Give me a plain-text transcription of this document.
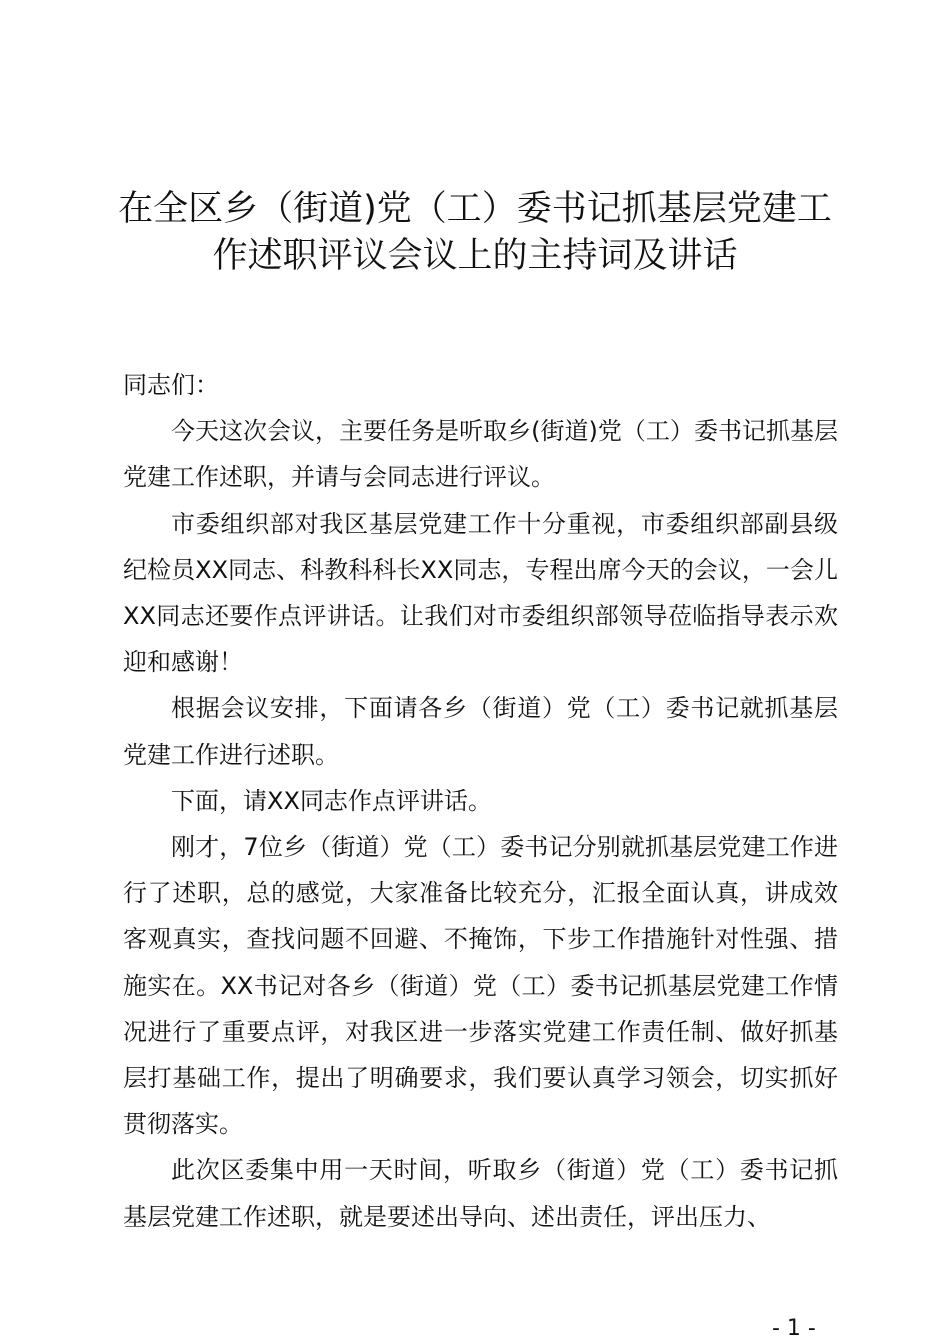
在全区乡（街道)党（工）委书记抓基层党建工
作述职评议会议上的主持词及讲话

同志们：

今天这次会议，主要任务是听取乡(街道)党（工）委书记抓基层党建工作述职，并请与会同志进行评议。

市委组织部对我区基层党建工作十分重视，市委组织部副县级纪检员XX同志、科教科科长XX同志，专程出席今天的会议，一会儿XX同志还要作点评讲话。让我们对市委组织部领导莅临指导表示欢迎和感谢！

根据会议安排，下面请各乡（街道）党（工）委书记就抓基层党建工作进行述职。

下面，请XX同志作点评讲话。

刚才，7位乡（街道）党（工）委书记分别就抓基层党建工作进行了述职，总的感觉，大家准备比较充分，汇报全面认真，讲成效客观真实，查找问题不回避、不掩饰，下步工作措施针对性强、措施实在。XX书记对各乡（街道）党（工）委书记抓基层党建工作情况进行了重要点评，对我区进一步落实党建工作责任制、做好抓基层打基础工作，提出了明确要求，我们要认真学习领会，切实抓好贯彻落实。

此次区委集中用一天时间，听取乡（街道）党（工）委书记抓基层党建工作述职，就是要述出导向、述出责任，评出压力、

- 1 -
